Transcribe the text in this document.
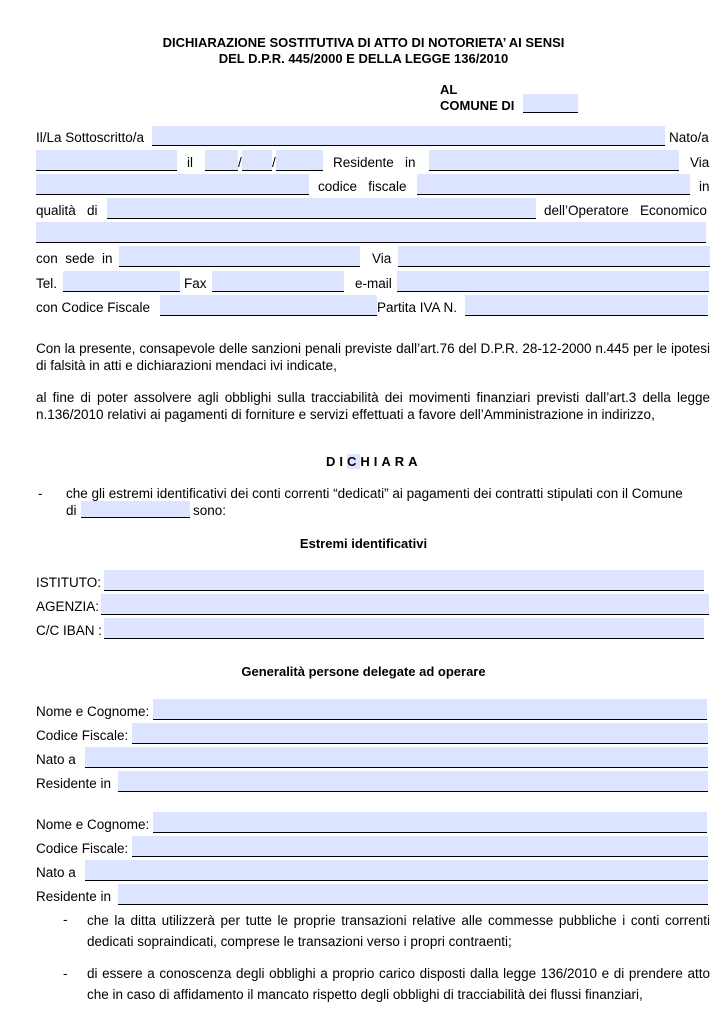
DICHIARAZIONE SOSTITUTIVA DI ATTO DI NOTORIETA’ AI SENSI
DEL D.P.R. 445/2000 E DELLA LEGGE 136/2010
AL
COMUNE DI
Il/La Sottoscritto/a	Nato/a
il	/ /	Residente   in	Via
codice   fiscale	in
qualità   di	dell’Operatore   Economico
con  sede  in	Via
Tel.	Fax	e-mail
con Codice Fiscale	Partita IVA N.
Con la presente, consapevole delle sanzioni penali previste dall’art.76 del D.P.R. 28-12-2000 n.445 per le ipotesi di falsità in atti e dichiarazioni mendaci ivi indicate,
al fine di poter assolvere agli obblighi sulla tracciabilità dei movimenti finanziari previsti dall’art.3 della legge n.136/2010 relativi ai pagamenti di forniture e servizi effettuati a favore dell’Amministrazione in indirizzo,
DICHIARA
- che gli estremi identificativi dei conti correnti “dedicati” ai pagamenti dei contratti stipulati con il Comune
di	sono:
Estremi identificativi
ISTITUTO:
AGENZIA:
C/C IBAN :
Generalità persone delegate ad operare
Nome e Cognome:
Codice Fiscale:
Nato a
Residente in
Nome e Cognome:
Codice Fiscale:
Nato a
Residente in
- che la ditta utilizzerà per tutte le proprie transazioni relative alle commesse pubbliche i conti correnti dedicati sopraindicati, comprese le transazioni verso i propri contraenti;
- di essere a conoscenza degli obblighi a proprio carico disposti dalla legge 136/2010 e di prendere atto che in caso di affidamento il mancato rispetto degli obblighi di tracciabilità dei flussi finanziari,
